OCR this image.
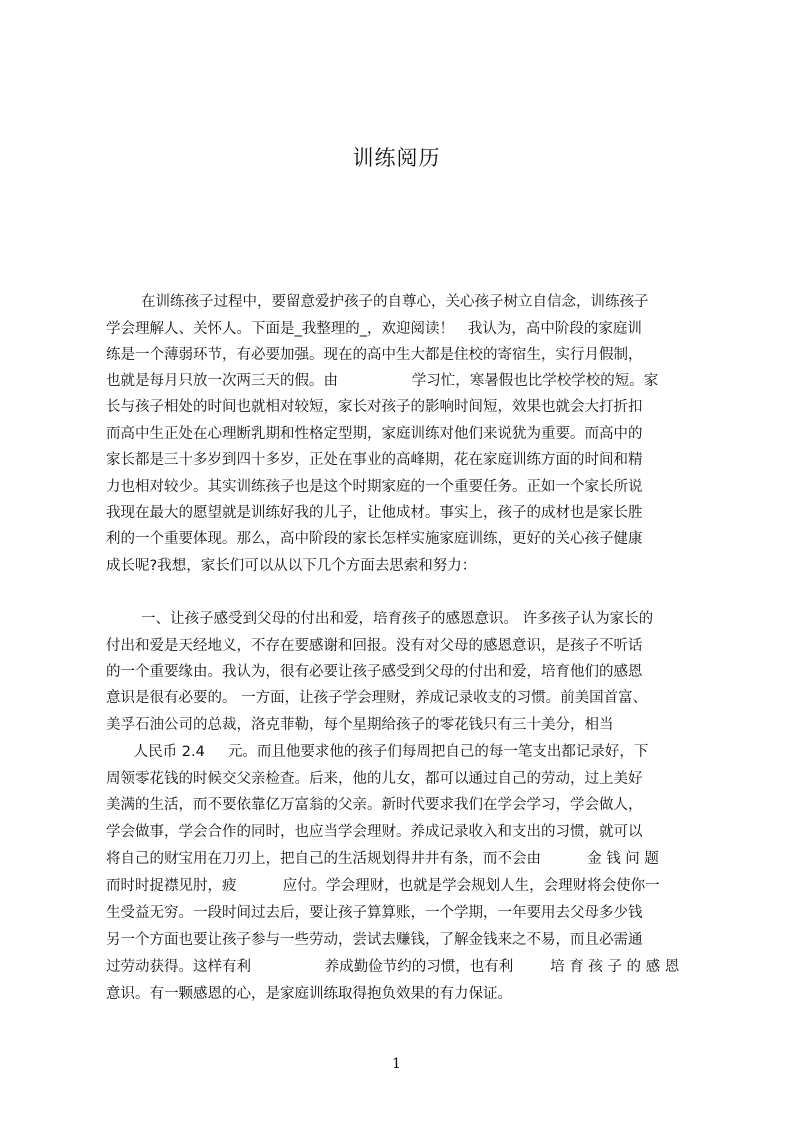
训练阅历
在训练孩子过程中，要留意爱护孩子的自尊心，关心孩子树立自信念，训练孩子
学会理解人、关怀人。下面是_我整理的_，欢迎阅读！   我认为，高中阶段的家庭训
练是一个薄弱环节，有必要加强。现在的高中生大都是住校的寄宿生，实行月假制，
也就是每月只放一次两三天的假。由                学习忙，寒暑假也比学校学校的短。家
长与孩子相处的时间也就相对较短，家长对孩子的影响时间短，效果也就会大打折扣
而高中生正处在心理断乳期和性格定型期，家庭训练对他们来说犹为重要。而高中的
家长都是三十多岁到四十多岁，正处在事业的高峰期，花在家庭训练方面的时间和精
力也相对较少。其实训练孩子也是这个时期家庭的一个重要任务。正如一个家长所说
我现在最大的愿望就是训练好我的儿子，让他成材。事实上，孩子的成材也是家长胜
利的一个重要体现。那么，高中阶段的家长怎样实施家庭训练，更好的关心孩子健康
成长呢?我想，家长们可以从以下几个方面去思索和努力：
一、让孩子感受到父母的付出和爱，培育孩子的感恩意识。 许多孩子认为家长的
付出和爱是天经地义，不存在要感谢和回报。没有对父母的感恩意识，是孩子不听话
的一个重要缘由。我认为，很有必要让孩子感受到父母的付出和爱，培育他们的感恩
意识是很有必要的。 一方面，让孩子学会理财，养成记录收支的习惯。前美国首富、
美孚石油公司的总裁，洛克菲勒，每个星期给孩子的零花钱只有三十美分，相当
人民币 2.4     元。而且他要求他的孩子们每周把自己的每一笔支出都记录好，下
周领零花钱的时候交父亲检查。后来，他的儿女，都可以通过自己的劳动，过上美好
美满的生活，而不要依靠亿万富翁的父亲。新时代要求我们在学会学习，学会做人，
学会做事，学会合作的同时，也应当学会理财。养成记录收入和支出的习惯，就可以
将自己的财宝用在刀刃上，把自己的生活规划得井井有条，而不会由          金 钱 问 题
而时时捉襟见肘，疲          应付。学会理财，也就是学会规划人生，会理财将会使你一
生受益无穷。一段时间过去后，要让孩子算算账，一个学期，一年要用去父母多少钱
另一个方面也要让孩子参与一些劳动，尝试去赚钱，了解金钱来之不易，而且必需通
过劳动获得。这样有利                养成勤俭节约的习惯，也有利        培 育 孩 子 的 感 恩
意识。有一颗感恩的心，是家庭训练取得抱负效果的有力保证。
1
